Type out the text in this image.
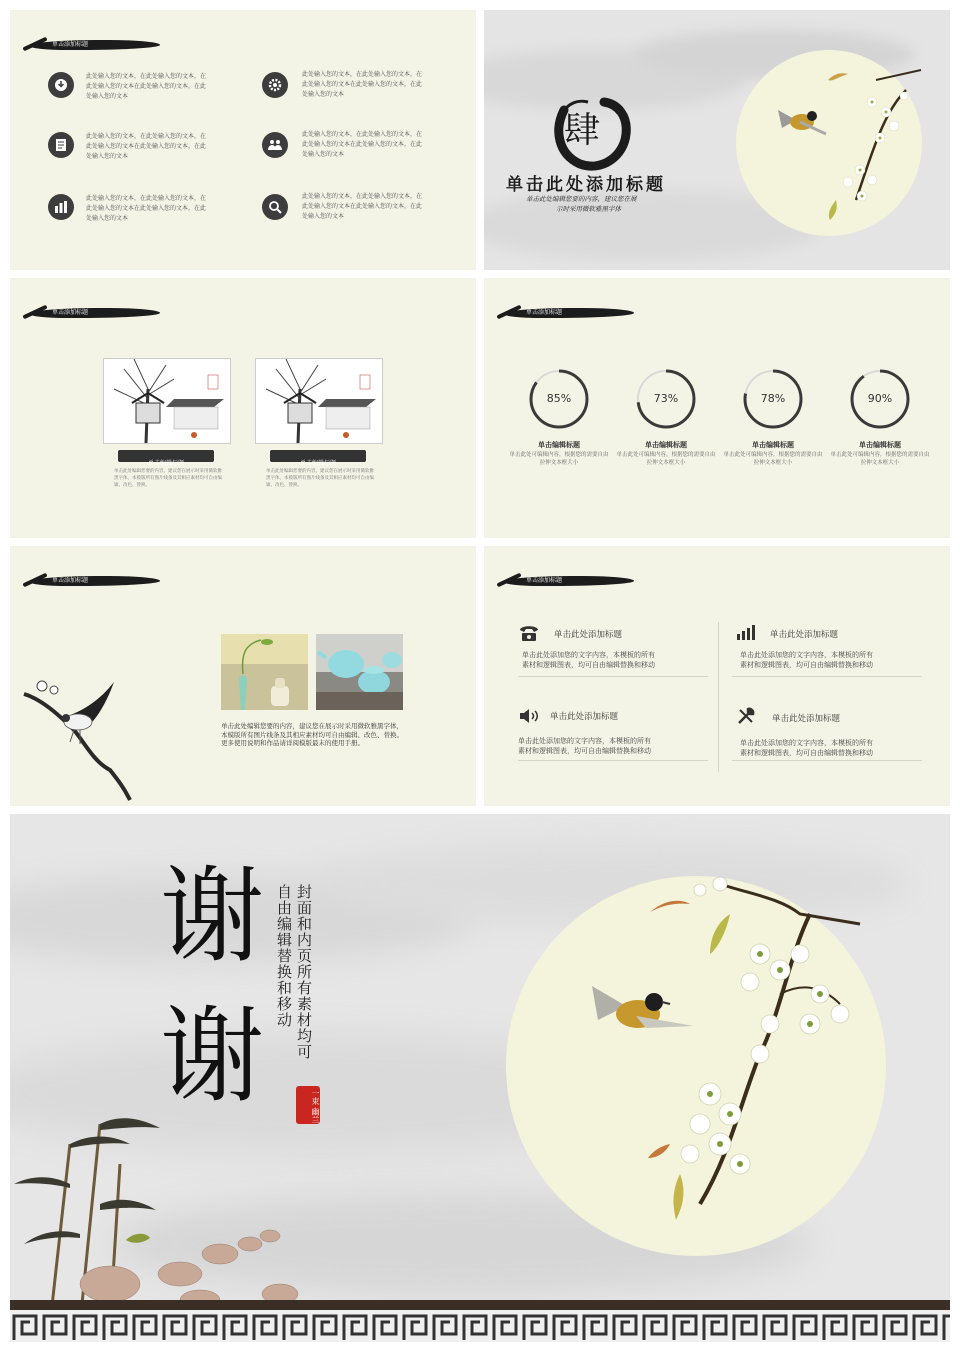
单击添加标题
此处输入您的文本，在此处输入您的文本，在此处输入您的文本在此处输入您的文本，在此处输入您的文本
此处输入您的文本，在此处输入您的文本，在此处输入您的文本在此处输入您的文本，在此处输入您的文本
此处输入您的文本，在此处输入您的文本，在此处输入您的文本在此处输入您的文本，在此处输入您的文本
此处输入您的文本，在此处输入您的文本，在此处输入您的文本在此处输入您的文本，在此处输入您的文本
此处输入您的文本，在此处输入您的文本，在此处输入您的文本在此处输入您的文本，在此处输入您的文本
此处输入您的文本，在此处输入您的文本，在此处输入您的文本在此处输入您的文本，在此处输入您的文本
肆
单击此处添加标题
单击此处编辑您要的内容，建议您在展
示时采用微软雅黑字体
单击添加标题
单击编辑标题
单击此处编辑您要的内容，建议您在展示时采用微软雅黑字体，本模版所有图片线条及其相应素材均可自由编辑、改色、替换。
单击编辑标题
单击此处编辑您要的内容，建议您在展示时采用微软雅黑字体，本模版所有图片线条及其相应素材均可自由编辑、改色、替换。
单击添加标题
85%
单击编辑标题
单击此处可编辑内容，根据您的需要自由拉伸文本框大小
73%
单击编辑标题
单击此处可编辑内容，根据您的需要自由拉伸文本框大小
78%
单击编辑标题
单击此处可编辑内容，根据您的需要自由拉伸文本框大小
90%
单击编辑标题
单击此处可编辑内容，根据您的需要自由拉伸文本框大小
单击添加标题
单击此处编辑您要的内容，建议您在展示时采用微软雅黑字体，本模版所有图片线条及其相应素材均可自由编辑、改色、替换。更多使用说明和作品请详阅模版最末的使用手册。
单击添加标题
单击此处添加标题
单击此处添加您的文字内容，本模板的所有
素材和逻辑图表，均可自由编辑替换和移动
单击此处添加标题
单击此处添加您的文字内容，本模板的所有
素材和逻辑图表，均可自由编辑替换和移动
单击此处添加标题
单击此处添加您的文字内容，本模板的所有
素材和逻辑图表，均可自由编辑替换和移动
单击此处添加标题
单击此处添加您的文字内容，本模板的所有
素材和逻辑图表，均可自由编辑替换和移动
谢
谢 封面和内页所有素材均可
自由编辑替换和移动
一束 幽兰
